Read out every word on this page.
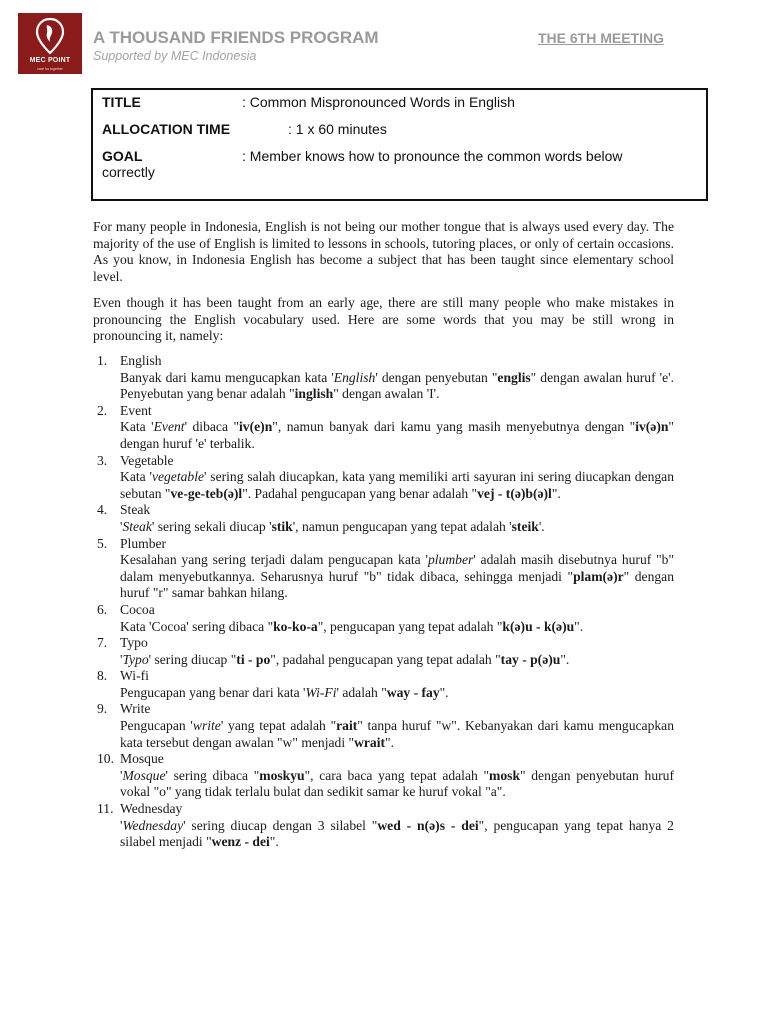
MEC POINT
care for together
A THOUSAND FRIENDS PROGRAM
Supported by MEC Indonesia
THE 6TH MEETING
TITLE	: Common Mispronounced Words in English
ALLOCATION TIME	: 1 x 60 minutes
GOAL	: Member knows how to pronounce the common words below
correctly
For many people in Indonesia, English is not being our mother tongue that is always used every day. The majority of the use of English is limited to lessons in schools, tutoring places, or only of certain occasions. As you know, in Indonesia English has become a subject that has been taught since elementary school level.
Even though it has been taught from an early age, there are still many people who make mistakes in pronouncing the English vocabulary used. Here are some words that you may be still wrong in pronouncing it, namely:
1. English
Banyak dari kamu mengucapkan kata 'English' dengan penyebutan "englis" dengan awalan huruf 'e'. Penyebutan yang benar adalah "inglish" dengan awalan 'I'.
2. Event
Kata 'Event' dibaca "iv(e)n", namun banyak dari kamu yang masih menyebutnya dengan "iv(ə)n" dengan huruf 'e' terbalik.
3. Vegetable
Kata 'vegetable' sering salah diucapkan, kata yang memiliki arti sayuran ini sering diucapkan dengan sebutan "ve-ge-teb(ə)l". Padahal pengucapan yang benar adalah "vej - t(ə)b(ə)l".
4. Steak
'Steak' sering sekali diucap 'stik', namun pengucapan yang tepat adalah 'steik'.
5. Plumber
Kesalahan yang sering terjadi dalam pengucapan kata 'plumber' adalah masih disebutnya huruf "b" dalam menyebutkannya. Seharusnya huruf "b" tidak dibaca, sehingga menjadi "plam(ə)r" dengan huruf "r" samar bahkan hilang.
6. Cocoa
Kata 'Cocoa' sering dibaca "ko-ko-a", pengucapan yang tepat adalah "k(ə)u - k(ə)u".
7. Typo
'Typo' sering diucap "ti - po", padahal pengucapan yang tepat adalah "tay - p(ə)u".
8. Wi-fi
Pengucapan yang benar dari kata 'Wi-Fi' adalah "way - fay".
9. Write
Pengucapan 'write' yang tepat adalah "rait" tanpa huruf "w". Kebanyakan dari kamu mengucapkan kata tersebut dengan awalan "w" menjadi "wrait".
10. Mosque
'Mosque' sering dibaca "moskyu", cara baca yang tepat adalah "mosk" dengan penyebutan huruf vokal "o" yang tidak terlalu bulat dan sedikit samar ke huruf vokal "a".
11. Wednesday
'Wednesday' sering diucap dengan 3 silabel "wed - n(ə)s - dei", pengucapan yang tepat hanya 2 silabel menjadi "wenz - dei".
